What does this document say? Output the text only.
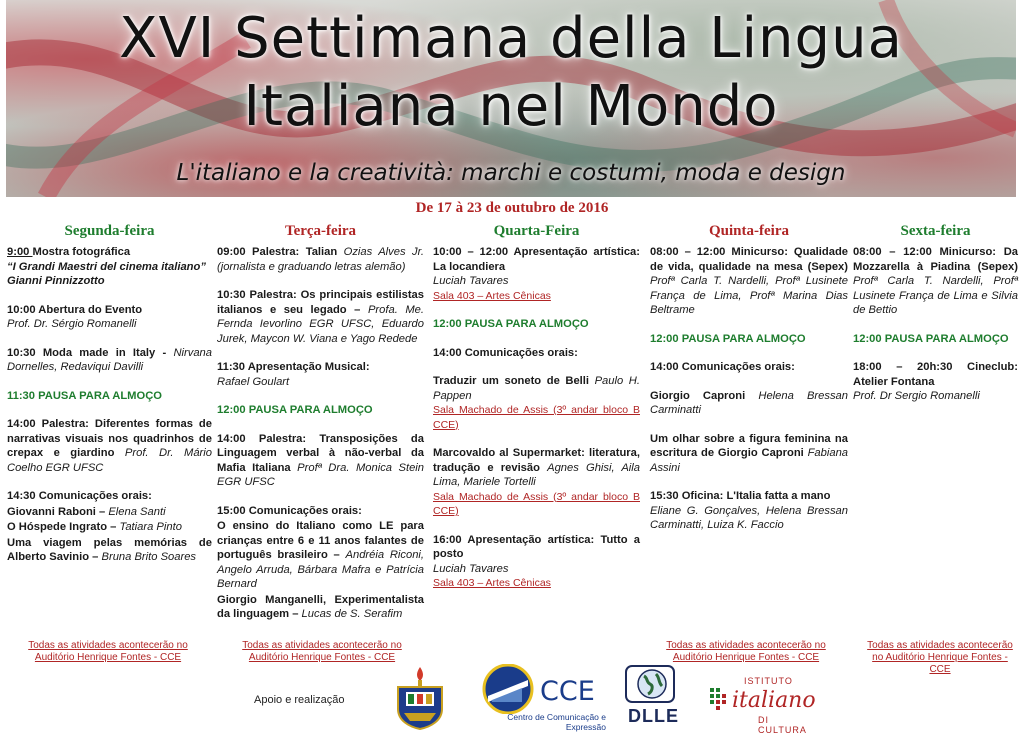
XVI Settimana della Lingua
Italiana nel Mondo
L'italiano e la creatività: marchi e costumi, moda e design
De 17 à 23 de outubro de 2016
Segunda-feira
9:00 Mostra fotográfica
“I Grandi Maestri del cinema italiano”
Gianni Pinnizzotto
10:00 Abertura do Evento
Prof. Dr. Sérgio Romanelli
10:30 Moda made in Italy - Nirvana Dornelles, Redaviqui Davilli
11:30 PAUSA PARA ALMOÇO
14:00 Palestra: Diferentes formas de narrativas visuais nos quadrinhos de crepax e giardino Prof. Dr. Mário Coelho EGR UFSC
14:30 Comunicações orais:
Giovanni Raboni – Elena Santi
O Hóspede Ingrato – Tatiara Pinto
Uma viagem pelas memórias de Alberto Savinio – Bruna Brito Soares
Terça-feira
09:00 Palestra: Talian Ozias Alves Jr. (jornalista e graduando letras alemão)
10:30 Palestra: Os principais estilistas italianos e seu legado – Profa. Me. Fernda Ievorlino EGR UFSC, Eduardo Jurek, Maycon W. Viana e Yago Redede
11:30 Apresentação Musical:
Rafael Goulart
12:00 PAUSA PARA ALMOÇO
14:00 Palestra: Transposições da Linguagem verbal à não-verbal da Mafia Italiana Profª Dra. Monica Stein EGR UFSC
15:00 Comunicações orais:
O ensino do Italiano como LE para crianças entre 6 e 11 anos falantes de português brasileiro – Andréia Riconi, Angelo Arruda, Bárbara Mafra e Patrícia Bernard
Giorgio Manganelli, Experimentalista da linguagem – Lucas de S. Serafim
Quarta-Feira
10:00 – 12:00 Apresentação artística: La locandiera
Luciah Tavares
Sala 403 – Artes Cênicas
12:00 PAUSA PARA ALMOÇO
14:00 Comunicações orais:
Traduzir um soneto de Belli Paulo H. Pappen
Sala Machado de Assis (3º andar bloco B CCE)
Marcovaldo al Supermarket: literatura, tradução e revisão Agnes Ghisi, Aila Lima, Mariele Tortelli
Sala Machado de Assis (3º andar bloco B CCE)
16:00 Apresentação artística: Tutto a posto
Luciah Tavares
Sala 403 – Artes Cênicas
Quinta-feira
08:00 – 12:00 Minicurso: Qualidade de vida, qualidade na mesa (Sepex) Profª Carla T. Nardelli, Profª Lusinete França de Lima, Profª Marina Dias Beltrame
12:00 PAUSA PARA ALMOÇO
14:00 Comunicações orais:
Giorgio Caproni Helena Bressan Carminatti
Um olhar sobre a figura feminina na escritura de Giorgio Caproni Fabiana Assini
15:30 Oficina: L'Italia fatta a mano
Eliane G. Gonçalves, Helena Bressan Carminatti, Luiza K. Faccio
Sexta-feira
08:00 – 12:00 Minicurso: Da Mozzarella à Piadina (Sepex) Profª Carla T. Nardelli, Profª Lusinete França de Lima e Silvia de Bettio
12:00 PAUSA PARA ALMOÇO
18:00 – 20h:30 Cineclub: Atelier Fontana
Prof. Dr Sergio Romanelli
Todas as atividades acontecerão no Auditório Henrique Fontes - CCE
Todas as atividades acontecerão no Auditório Henrique Fontes - CCE
Todas as atividades acontecerão no Auditório Henrique Fontes - CCE
Todas as atividades acontecerão no Auditório Henrique Fontes - CCE
Apoio e realização	CCE
Centro de Comunicação e Expressão
DLLE
ISTITUTO
italiano
DI CULTURA
